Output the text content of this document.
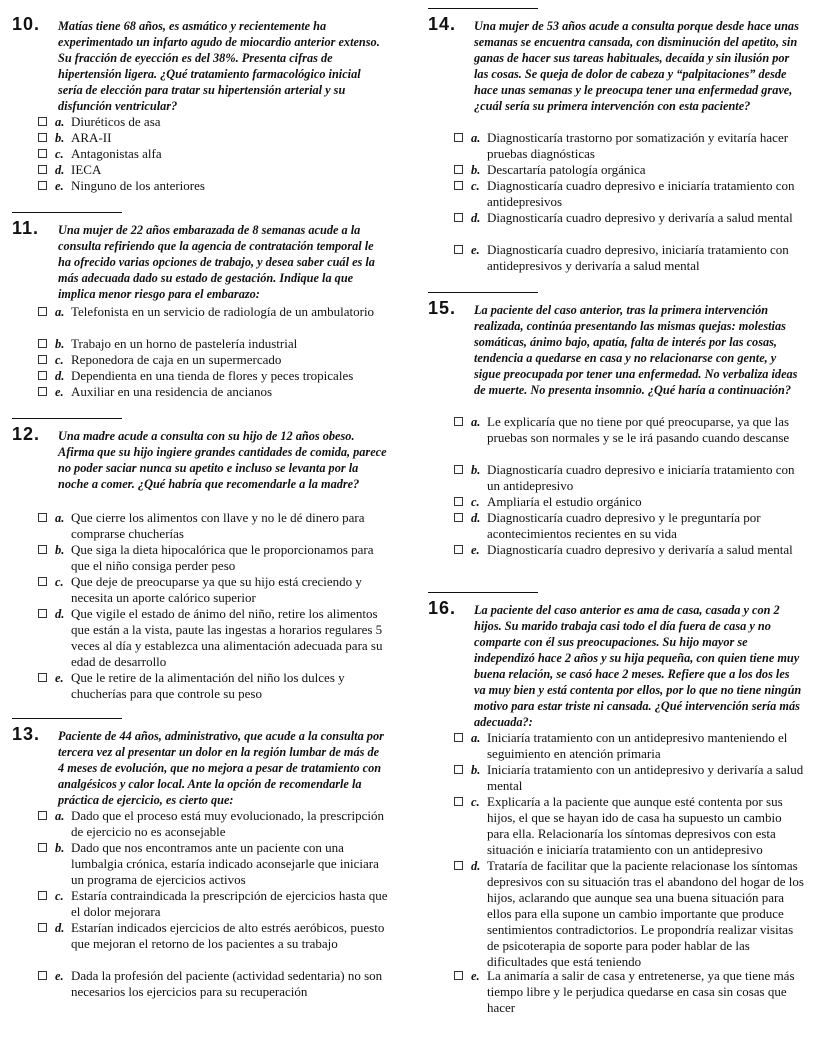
10. Matías tiene 68 años, es asmático y recientemente ha experimentado un infarto agudo de miocardio anterior extenso. Su fracción de eyección es del 38%. Presenta cifras de hipertensión ligera. ¿Qué tratamiento farmacológico inicial sería de elección para tratar su hipertensión arterial y su disfunción ventricular?
a. Diuréticos de asa
b. ARA-II
c. Antagonistas alfa
d. IECA
e. Ninguno de los anteriores
11. Una mujer de 22 años embarazada de 8 semanas acude a la consulta refiriendo que la agencia de contratación temporal le ha ofrecido varias opciones de trabajo, y desea saber cuál es la más adecuada dado su estado de gestación. Indique la que implica menor riesgo para el embarazo:
a. Telefonista en un servicio de radiología de un ambulatorio
b. Trabajo en un horno de pastelería industrial
c. Reponedora de caja en un supermercado
d. Dependienta en una tienda de flores y peces tropicales
e. Auxiliar en una residencia de ancianos
12. Una madre acude a consulta con su hijo de 12 años obeso. Afirma que su hijo ingiere grandes cantidades de comida, parece no poder saciar nunca su apetito e incluso se levanta por la noche a comer. ¿Qué habría que recomendarle a la madre?
a. Que cierre los alimentos con llave y no le dé dinero para comprarse chucherías
b. Que siga la dieta hipocalórica que le proporcionamos para que el niño consiga perder peso
c. Que deje de preocuparse ya que su hijo está creciendo y necesita un aporte calórico superior
d. Que vigile el estado de ánimo del niño, retire los alimentos que están a la vista, paute las ingestas a horarios regulares 5 veces al día y establezca una alimentación adecuada para su edad de desarrollo
e. Que le retire de la alimentación del niño los dulces y chucherías para que controle su peso
13. Paciente de 44 años, administrativo, que acude a la consulta por tercera vez al presentar un dolor en la región lumbar de más de 4 meses de evolución, que no mejora a pesar de tratamiento con analgésicos y calor local. Ante la opción de recomendarle la práctica de ejercicio, es cierto que:
a. Dado que el proceso está muy evolucionado, la prescripción de ejercicio no es aconsejable
b. Dado que nos encontramos ante un paciente con una lumbalgia crónica, estaría indicado aconsejarle que iniciara un programa de ejercicios activos
c. Estaría contraindicada la prescripción de ejercicios hasta que el dolor mejorara
d. Estarían indicados ejercicios de alto estrés aeróbicos, puesto que mejoran el retorno de los pacientes a su trabajo
e. Dada la profesión del paciente (actividad sedentaria) no son necesarios los ejercicios para su recuperación
14. Una mujer de 53 años acude a consulta porque desde hace unas semanas se encuentra cansada, con disminución del apetito, sin ganas de hacer sus tareas habituales, decaída y sin ilusión por las cosas. Se queja de dolor de cabeza y “palpitaciones” desde hace unas semanas y le preocupa tener una enfermedad grave, ¿cuál sería su primera intervención con esta paciente?
a. Diagnosticaría trastorno por somatización y evitaría hacer pruebas diagnósticas
b. Descartaría patología orgánica
c. Diagnosticaría cuadro depresivo e iniciaría tratamiento con antidepresivos
d. Diagnosticaría cuadro depresivo y derivaría a salud mental
e. Diagnosticaría cuadro depresivo, iniciaría tratamiento con antidepresivos y derivaría a salud mental
15. La paciente del caso anterior, tras la primera intervención realizada, continúa presentando las mismas quejas: molestias somáticas, ánimo bajo, apatía, falta de interés por las cosas, tendencia a quedarse en casa y no relacionarse con gente, y sigue preocupada por tener una enfermedad. No verbaliza ideas de muerte. No presenta insomnio. ¿Qué haría a continuación?
a. Le explicaría que no tiene por qué preocuparse, ya que las pruebas son normales y se le irá pasando cuando descanse
b. Diagnosticaría cuadro depresivo e iniciaría tratamiento con un antidepresivo
c. Ampliaría el estudio orgánico
d. Diagnosticaría cuadro depresivo y le preguntaría por acontecimientos recientes en su vida
e. Diagnosticaría cuadro depresivo y derivaría a salud mental
16. La paciente del caso anterior es ama de casa, casada y con 2 hijos. Su marido trabaja casi todo el día fuera de casa y no comparte con él sus preocupaciones. Su hijo mayor se independizó hace 2 años y su hija pequeña, con quien tiene muy buena relación, se casó hace 2 meses. Refiere que a los dos les va muy bien y está contenta por ellos, por lo que no tiene ningún motivo para estar triste ni cansada. ¿Qué intervención sería más adecuada?:
a. Iniciaría tratamiento con un antidepresivo manteniendo el seguimiento en atención primaria
b. Iniciaría tratamiento con un antidepresivo y derivaría a salud mental
c. Explicaría a la paciente que aunque esté contenta por sus hijos, el que se hayan ido de casa ha supuesto un cambio para ella. Relacionaría los síntomas depresivos con esta situación e iniciaría tratamiento con un antidepresivo
d. Trataría de facilitar que la paciente relacionase los síntomas depresivos con su situación tras el abandono del hogar de los hijos, aclarando que aunque sea una buena situación para ellos para ella supone un cambio importante que produce sentimientos contradictorios. Le propondría realizar visitas de psicoterapia de soporte para poder hablar de las dificultades que está teniendo
e. La animaría a salir de casa y entretenerse, ya que tiene más tiempo libre y le perjudica quedarse en casa sin cosas que hacer
